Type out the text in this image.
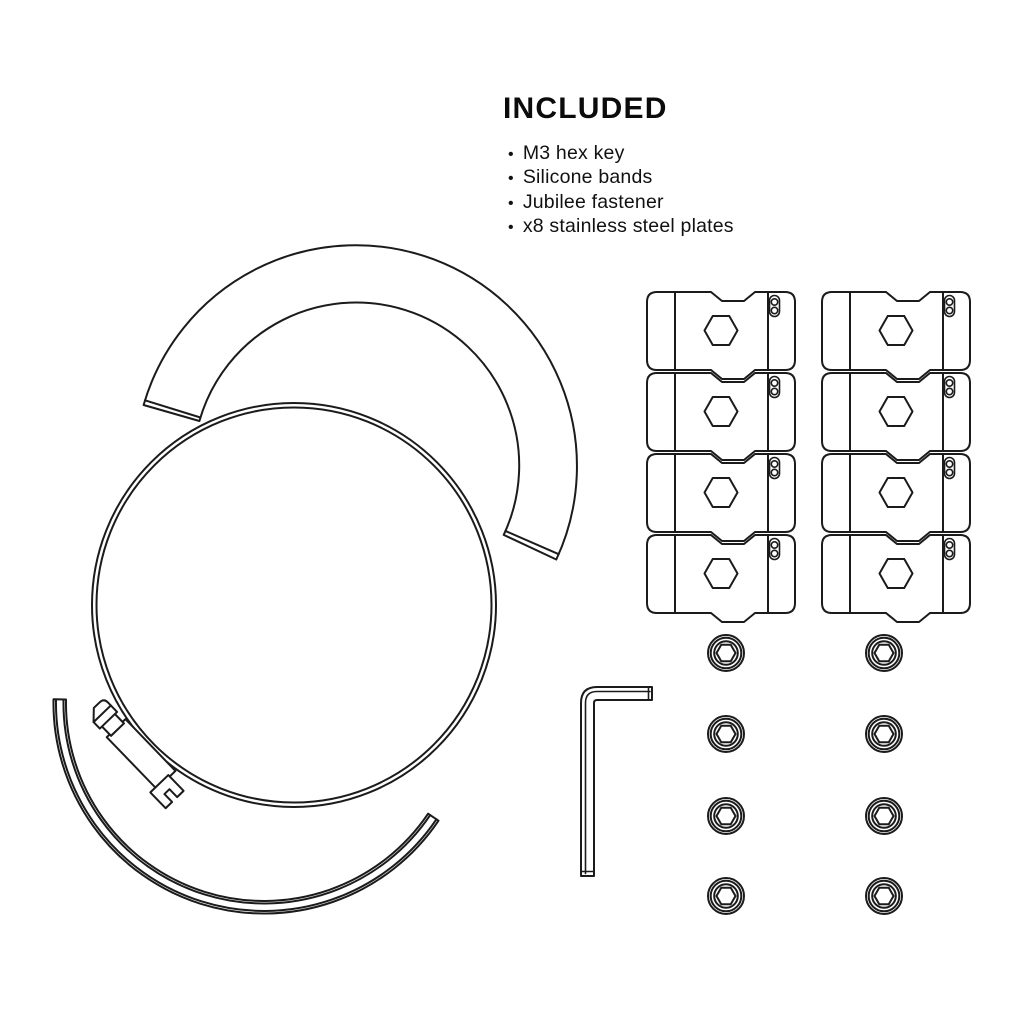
INCLUDED
• M3 hex key
• Silicone bands
• Jubilee fastener
• x8 stainless steel plates
